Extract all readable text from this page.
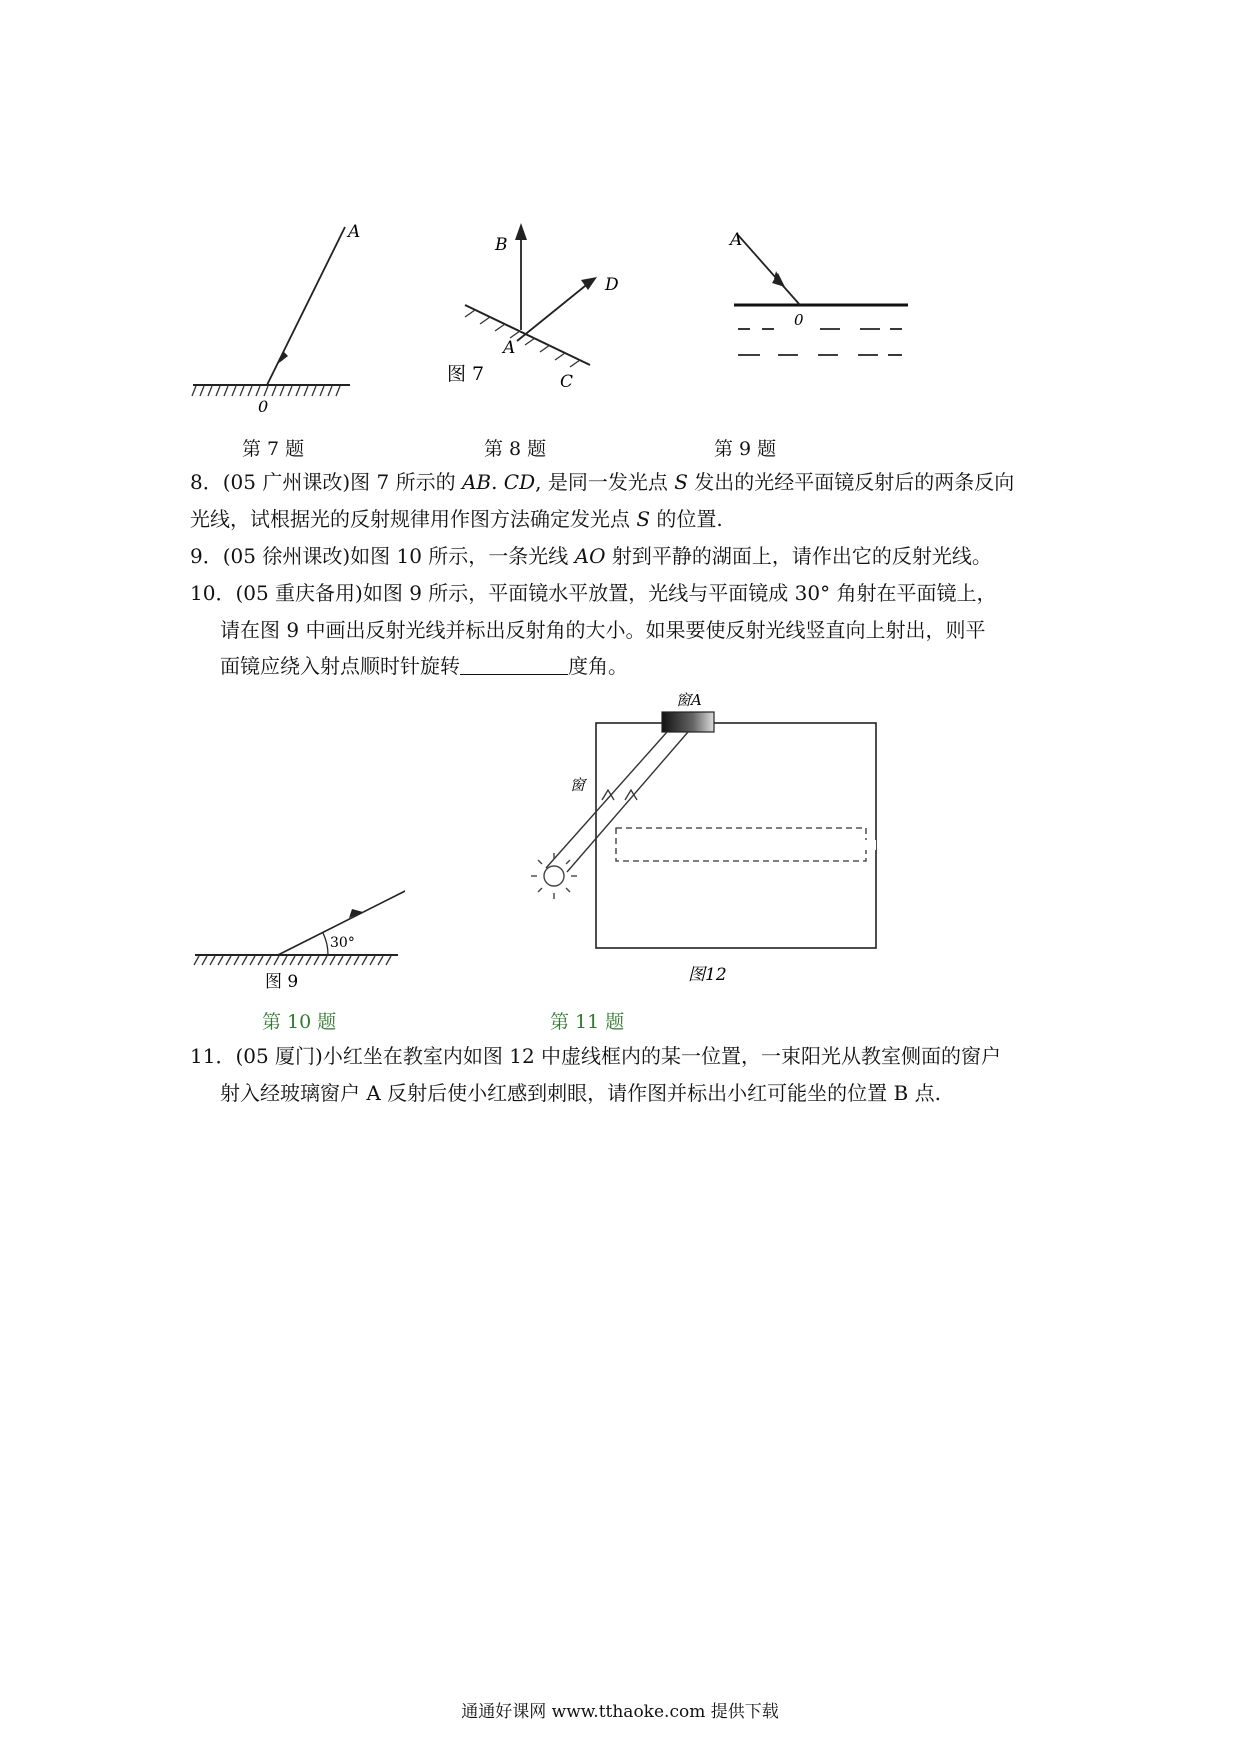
A
0
B
A
C
D
图 7
A
0
第 7 题	第 8 题	第 9 题
8．(05 广州课改)图 7 所示的 AB. CD, 是同一发光点 S 发出的光经平面镜反射后的两条反向
光线，试根据光的反射规律用作图方法确定发光点 S 的位置.
9．(05 徐州课改)如图 10 所示，一条光线 AO 射到平静的湖面上，请作出它的反射光线。
10．(05 重庆备用)如图 9 所示，平面镜水平放置，光线与平面镜成 30° 角射在平面镜上，
请在图 9 中画出反射光线并标出反射角的大小。如果要使反射光线竖直向上射出，则平
面镜应绕入射点顺时针旋转	度角。
30°
图 9
窗A
窗
图12
第 10 题	第 11 题
11．(05 厦门)小红坐在教室内如图 12 中虚线框内的某一位置，一束阳光从教室侧面的窗户
射入经玻璃窗户 A 反射后使小红感到刺眼，请作图并标出小红可能坐的位置 B 点.
通通好课网 www.tthaoke.com 提供下载
